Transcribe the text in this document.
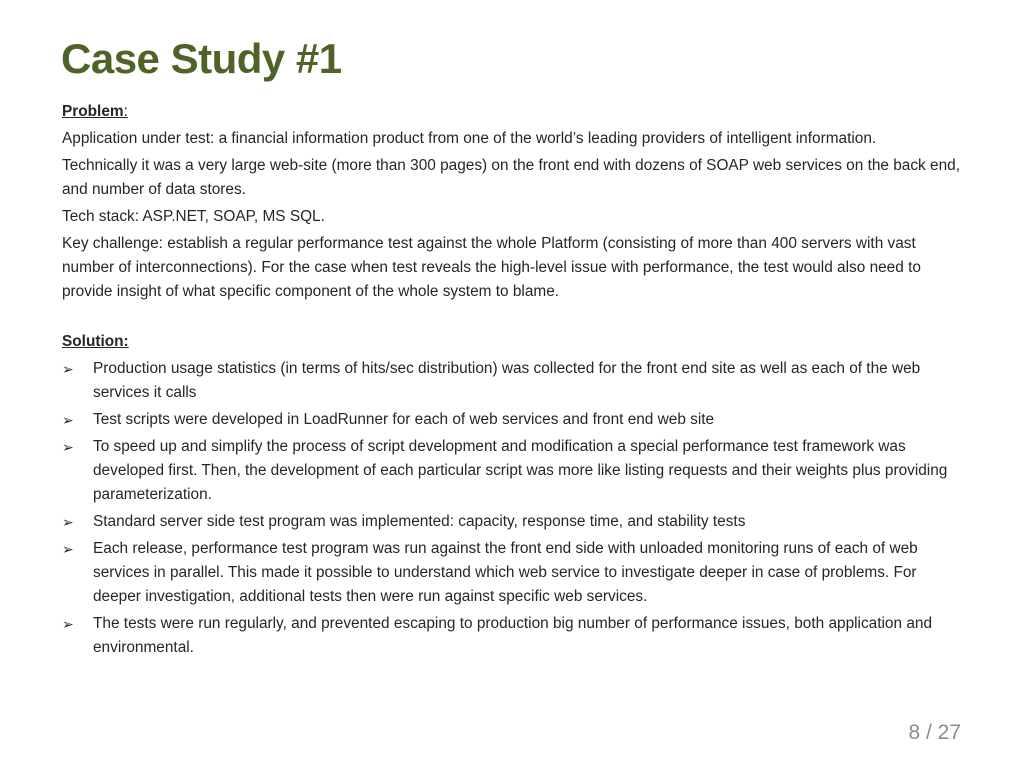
Case Study #1

Problem:

Application under test: a financial information product from one of the world’s leading providers of intelligent information.

Technically it was a very large web-site (more than 300 pages) on the front end with dozens of SOAP web services on the back end, and number of data stores.

Tech stack: ASP.NET, SOAP, MS SQL.

Key challenge: establish a regular performance test against the whole Platform (consisting of more than 400 servers with vast number of interconnections). For the case when test reveals the high-level issue with performance, the test would also need to provide insight of what specific component of the whole system to blame.

Solution:

➢ Production usage statistics (in terms of hits/sec distribution) was collected for the front end site as well as each of the web services it calls
➢ Test scripts were developed in LoadRunner for each of web services and front end web site
➢ To speed up and simplify the process of script development and modification a special performance test framework was developed first. Then, the development of each particular script was more like listing requests and their weights plus providing parameterization.
➢ Standard server side test program was implemented: capacity, response time, and stability tests
➢ Each release, performance test program was run against the front end side with unloaded monitoring runs of each of web services in parallel. This made it possible to understand which web service to investigate deeper in case of problems. For deeper investigation, additional tests then were run against specific web services.
➢ The tests were run regularly, and prevented escaping to production big number of performance issues, both application and environmental.
8 / 27
